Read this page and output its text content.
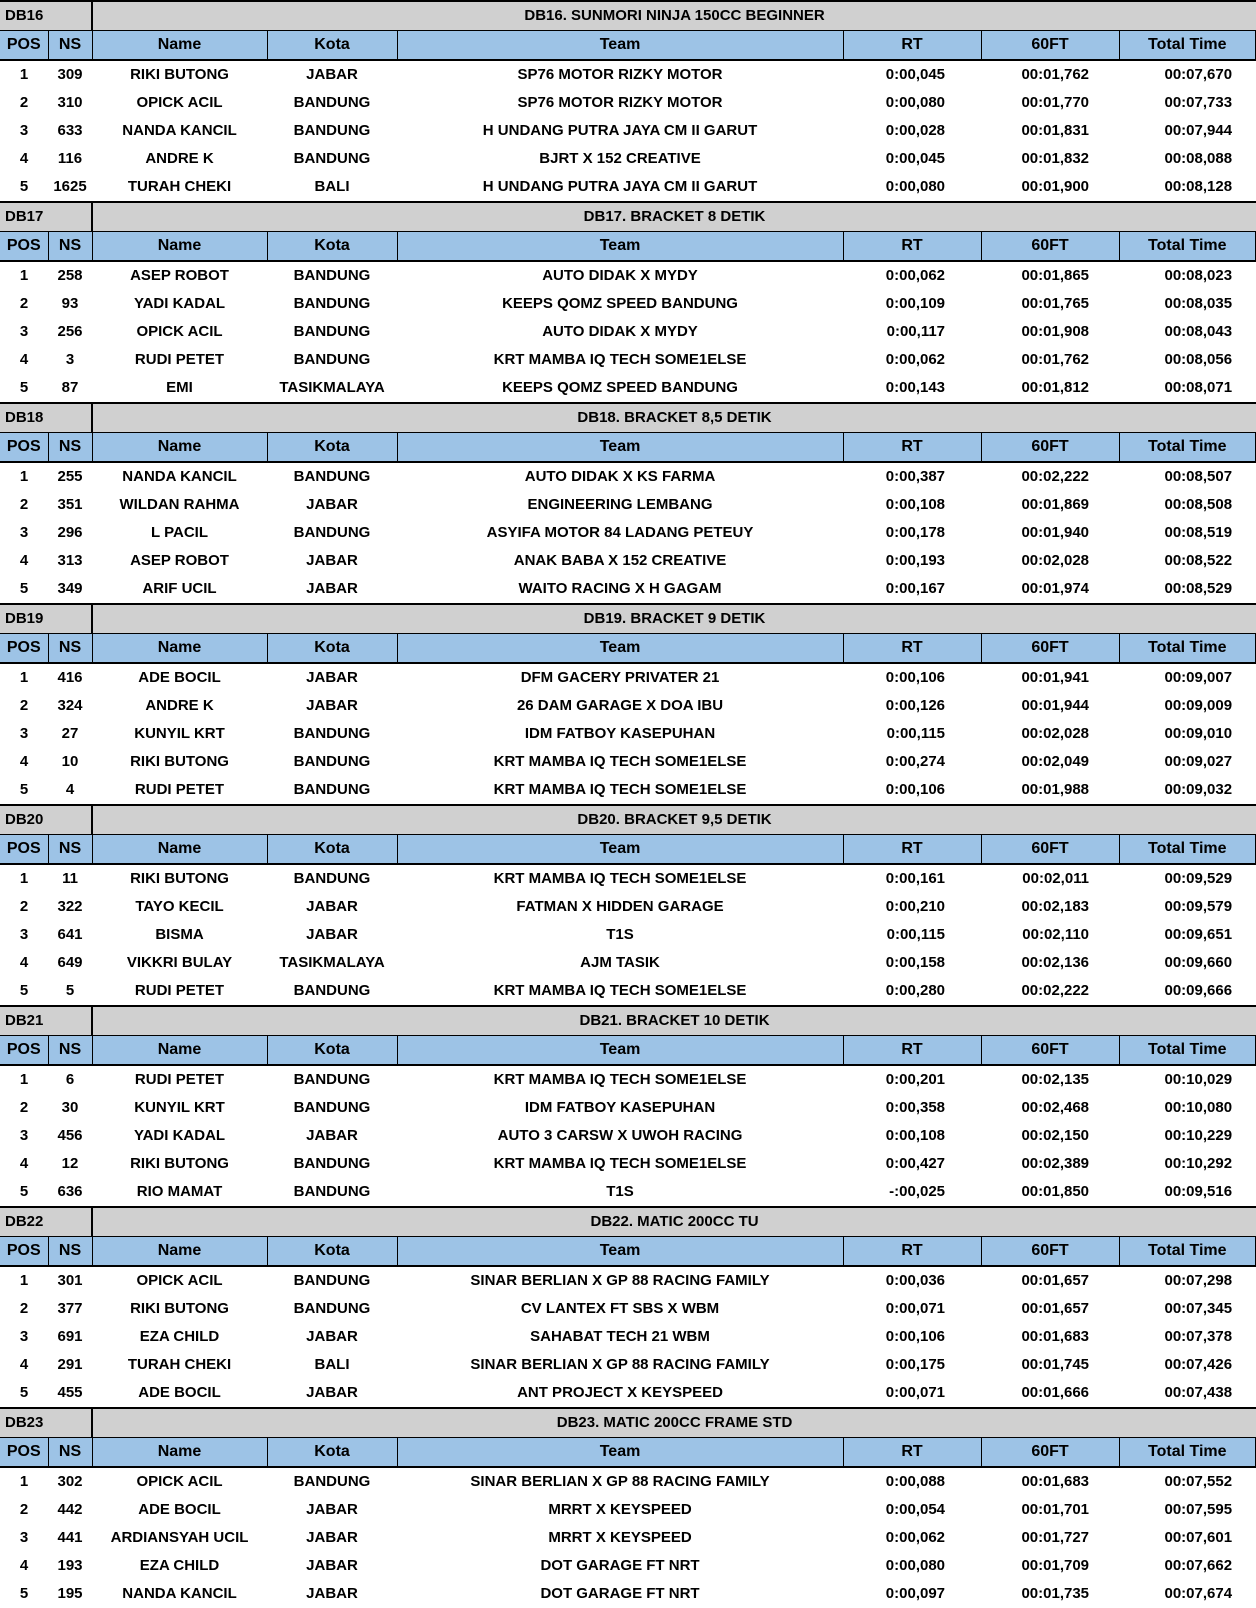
DB16		DB16. SUNMORI NINJA 150CC BEGINNER					
POS	NS	Name	Kota	Team	RT	60FT	Total Time
1	309	RIKI BUTONG	JABAR	SP76 MOTOR RIZKY MOTOR	0:00,045	00:01,762	00:07,670
2	310	OPICK ACIL	BANDUNG	SP76 MOTOR RIZKY MOTOR	0:00,080	00:01,770	00:07,733
3	633	NANDA KANCIL	BANDUNG	H UNDANG PUTRA JAYA CM II GARUT	0:00,028	00:01,831	00:07,944
4	116	ANDRE K	BANDUNG	BJRT X 152 CREATIVE	0:00,045	00:01,832	00:08,088
5	1625	TURAH CHEKI	BALI	H UNDANG PUTRA JAYA CM II GARUT	0:00,080	00:01,900	00:08,128
DB17		DB17. BRACKET 8 DETIK					
POS	NS	Name	Kota	Team	RT	60FT	Total Time
1	258	ASEP ROBOT	BANDUNG	AUTO DIDAK X MYDY	0:00,062	00:01,865	00:08,023
2	93	YADI KADAL	BANDUNG	KEEPS QOMZ SPEED BANDUNG	0:00,109	00:01,765	00:08,035
3	256	OPICK ACIL	BANDUNG	AUTO DIDAK X MYDY	0:00,117	00:01,908	00:08,043
4	3	RUDI PETET	BANDUNG	KRT MAMBA IQ TECH SOME1ELSE	0:00,062	00:01,762	00:08,056
5	87	EMI	TASIKMALAYA	KEEPS QOMZ SPEED BANDUNG	0:00,143	00:01,812	00:08,071
DB18		DB18. BRACKET 8,5 DETIK					
POS	NS	Name	Kota	Team	RT	60FT	Total Time
1	255	NANDA KANCIL	BANDUNG	AUTO DIDAK X KS FARMA	0:00,387	00:02,222	00:08,507
2	351	WILDAN RAHMA	JABAR	ENGINEERING LEMBANG	0:00,108	00:01,869	00:08,508
3	296	L PACIL	BANDUNG	ASYIFA MOTOR 84 LADANG PETEUY	0:00,178	00:01,940	00:08,519
4	313	ASEP ROBOT	JABAR	ANAK BABA X 152 CREATIVE	0:00,193	00:02,028	00:08,522
5	349	ARIF UCIL	JABAR	WAITO RACING X H GAGAM	0:00,167	00:01,974	00:08,529
DB19		DB19. BRACKET 9 DETIK					
POS	NS	Name	Kota	Team	RT	60FT	Total Time
1	416	ADE BOCIL	JABAR	DFM GACERY PRIVATER 21	0:00,106	00:01,941	00:09,007
2	324	ANDRE K	JABAR	26 DAM GARAGE X DOA IBU	0:00,126	00:01,944	00:09,009
3	27	KUNYIL KRT	BANDUNG	IDM FATBOY KASEPUHAN	0:00,115	00:02,028	00:09,010
4	10	RIKI BUTONG	BANDUNG	KRT MAMBA IQ TECH SOME1ELSE	0:00,274	00:02,049	00:09,027
5	4	RUDI PETET	BANDUNG	KRT MAMBA IQ TECH SOME1ELSE	0:00,106	00:01,988	00:09,032
DB20		DB20. BRACKET 9,5 DETIK					
POS	NS	Name	Kota	Team	RT	60FT	Total Time
1	11	RIKI BUTONG	BANDUNG	KRT MAMBA IQ TECH SOME1ELSE	0:00,161	00:02,011	00:09,529
2	322	TAYO KECIL	JABAR	FATMAN X HIDDEN GARAGE	0:00,210	00:02,183	00:09,579
3	641	BISMA	JABAR	T1S	0:00,115	00:02,110	00:09,651
4	649	VIKKRI BULAY	TASIKMALAYA	AJM TASIK	0:00,158	00:02,136	00:09,660
5	5	RUDI PETET	BANDUNG	KRT MAMBA IQ TECH SOME1ELSE	0:00,280	00:02,222	00:09,666
DB21		DB21. BRACKET 10 DETIK					
POS	NS	Name	Kota	Team	RT	60FT	Total Time
1	6	RUDI PETET	BANDUNG	KRT MAMBA IQ TECH SOME1ELSE	0:00,201	00:02,135	00:10,029
2	30	KUNYIL KRT	BANDUNG	IDM FATBOY KASEPUHAN	0:00,358	00:02,468	00:10,080
3	456	YADI KADAL	JABAR	AUTO 3 CARSW X UWOH RACING	0:00,108	00:02,150	00:10,229
4	12	RIKI BUTONG	BANDUNG	KRT MAMBA IQ TECH SOME1ELSE	0:00,427	00:02,389	00:10,292
5	636	RIO MAMAT	BANDUNG	T1S	-:00,025	00:01,850	00:09,516
DB22		DB22. MATIC 200CC TU					
POS	NS	Name	Kota	Team	RT	60FT	Total Time
1	301	OPICK ACIL	BANDUNG	SINAR BERLIAN X GP 88 RACING FAMILY	0:00,036	00:01,657	00:07,298
2	377	RIKI BUTONG	BANDUNG	CV LANTEX FT SBS X WBM	0:00,071	00:01,657	00:07,345
3	691	EZA CHILD	JABAR	SAHABAT TECH 21 WBM	0:00,106	00:01,683	00:07,378
4	291	TURAH CHEKI	BALI	SINAR BERLIAN X GP 88 RACING FAMILY	0:00,175	00:01,745	00:07,426
5	455	ADE BOCIL	JABAR	ANT PROJECT X KEYSPEED	0:00,071	00:01,666	00:07,438
DB23		DB23. MATIC 200CC FRAME STD					
POS	NS	Name	Kota	Team	RT	60FT	Total Time
1	302	OPICK ACIL	BANDUNG	SINAR BERLIAN X GP 88 RACING FAMILY	0:00,088	00:01,683	00:07,552
2	442	ADE BOCIL	JABAR	MRRT X KEYSPEED	0:00,054	00:01,701	00:07,595
3	441	ARDIANSYAH UCIL	JABAR	MRRT X KEYSPEED	0:00,062	00:01,727	00:07,601
4	193	EZA CHILD	JABAR	DOT GARAGE FT NRT	0:00,080	00:01,709	00:07,662
5	195	NANDA KANCIL	JABAR	DOT GARAGE FT NRT	0:00,097	00:01,735	00:07,674
